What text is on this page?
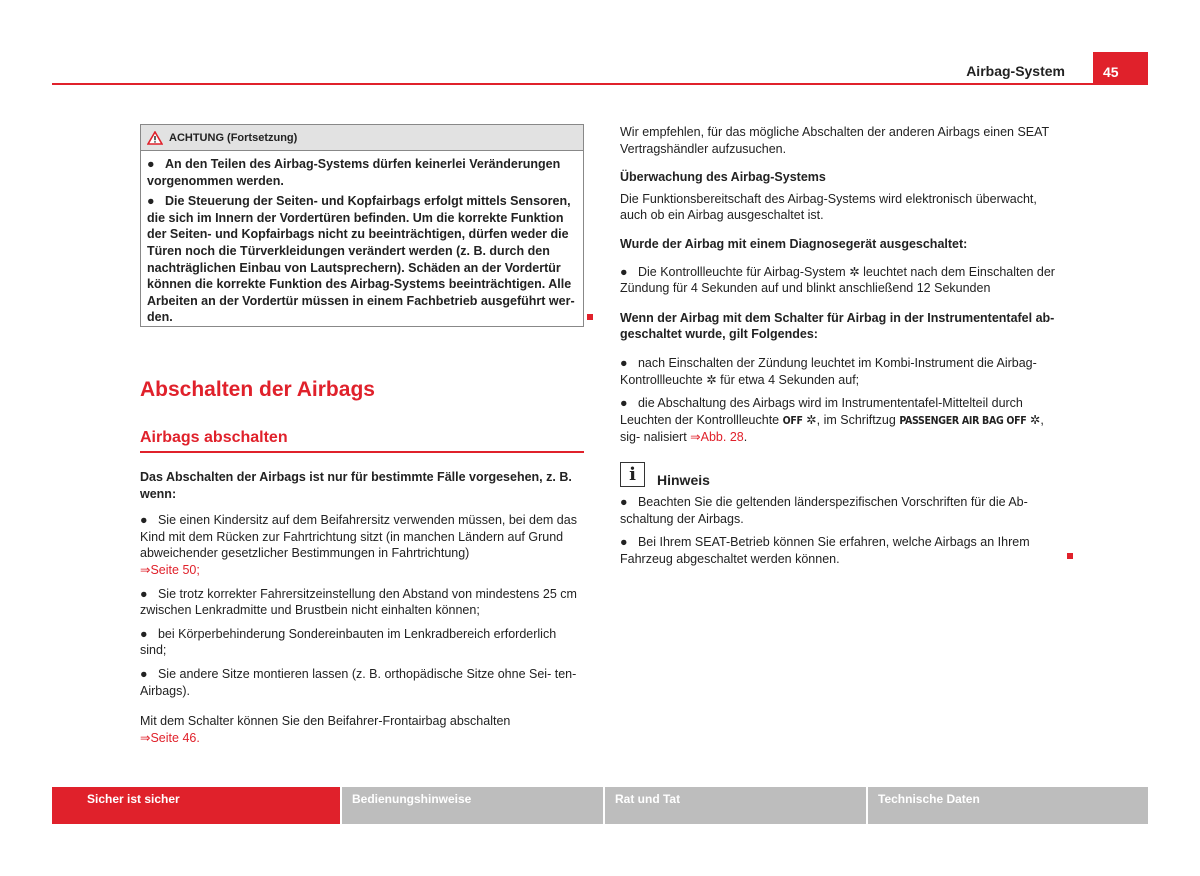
Airbag-System	45
ACHTUNG (Fortsetzung)

●   An den Teilen des Airbag-Systems dürfen keinerlei Veränderungen vorgenommen werden.

●   Die Steuerung der Seiten- und Kopfairbags erfolgt mittels Sensoren, die sich im Innern der Vordertüren befinden. Um die korrekte Funktion der Seiten- und Kopfairbags nicht zu beeinträchtigen, dürfen weder die Türen noch die Türverkleidungen verändert werden (z. B. durch den nachträglichen Einbau von Lautsprechern). Schäden an der Vordertür können die korrekte Funktion des Airbag-Systems beeinträchtigen. Alle Arbeiten an der Vordertür müssen in einem Fachbetrieb ausgeführt wer- den.

Abschalten der Airbags
Airbags abschalten

Das Abschalten der Airbags ist nur für bestimmte Fälle vorgesehen, z. B. wenn:

●   Sie einen Kindersitz auf dem Beifahrersitz verwenden müssen, bei dem das Kind mit dem Rücken zur Fahrtrichtung sitzt (in manchen Ländern auf Grund abweichender gesetzlicher Bestimmungen in Fahrtrichtung)
⇒Seite 50;

●   Sie trotz korrekter Fahrersitzeinstellung den Abstand von mindestens 25 cm zwischen Lenkradmitte und Brustbein nicht einhalten können;

●   bei Körperbehinderung Sondereinbauten im Lenkradbereich erforderlich sind;

●   Sie andere Sitze montieren lassen (z. B. orthopädische Sitze ohne Sei- ten-Airbags).

Mit dem Schalter können Sie den Beifahrer-Frontairbag abschalten
⇒Seite 46.

Wir empfehlen, für das mögliche Abschalten der anderen Airbags einen SEAT Vertragshändler aufzusuchen.

Überwachung des Airbag-Systems

Die Funktionsbereitschaft des Airbag-Systems wird elektronisch überwacht, auch ob ein Airbag ausgeschaltet ist.

Wurde der Airbag mit einem Diagnosegerät ausgeschaltet:

●   Die Kontrollleuchte für Airbag-System ✲ leuchtet nach dem Einschalten der Zündung für 4 Sekunden auf und blinkt anschließend 12 Sekunden

Wenn der Airbag mit dem Schalter für Airbag in der Instrumententafel ab- geschaltet wurde, gilt Folgendes:

●   nach Einschalten der Zündung leuchtet im Kombi-Instrument die Airbag-Kontrollleuchte ✲ für etwa 4 Sekunden auf;

●   die Abschaltung des Airbags wird im Instrumententafel-Mittelteil durch Leuchten der Kontrollleuchte OFF ✲, im Schriftzug PASSENGER AIR BAG OFF ✲, sig- nalisiert ⇒Abb. 28.

i	Hinweis

●   Beachten Sie die geltenden länderspezifischen Vorschriften für die Ab- schaltung der Airbags.

●   Bei Ihrem SEAT-Betrieb können Sie erfahren, welche Airbags an Ihrem Fahrzeug abgeschaltet werden können.

Sicher ist sicher	Bedienungshinweise	Rat und Tat	Technische Daten
